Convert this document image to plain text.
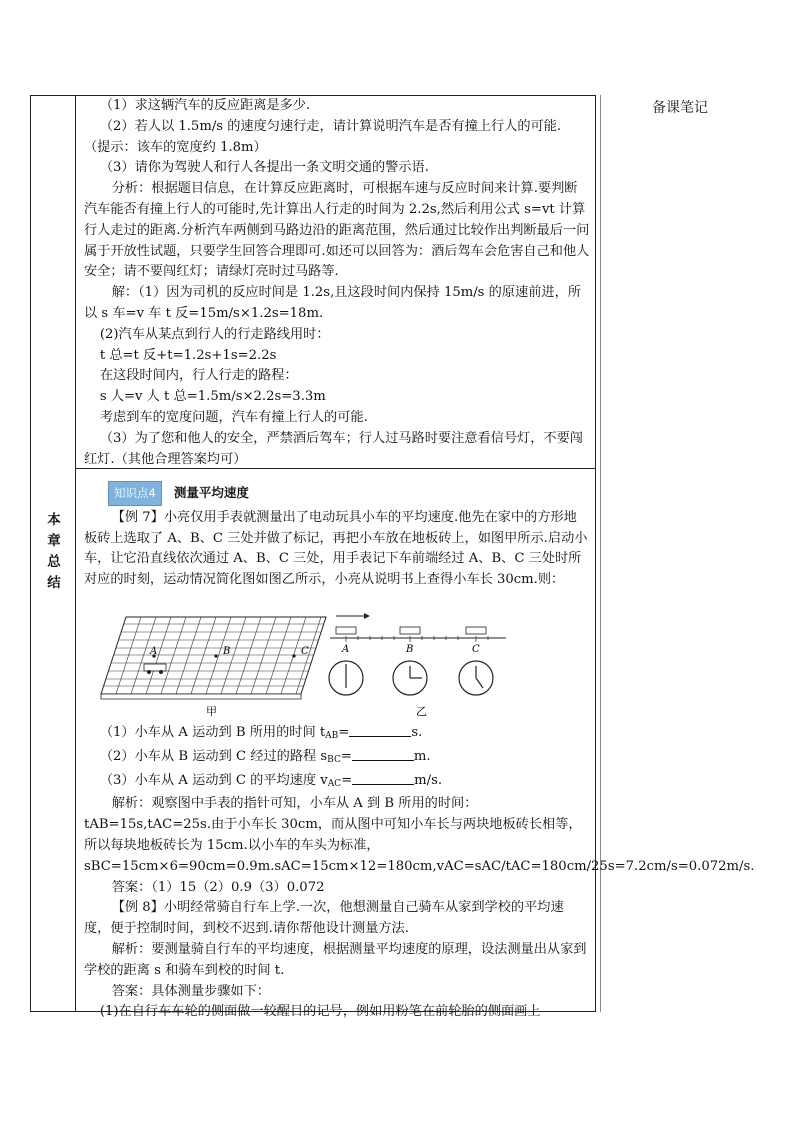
备课笔记
本
章
总
结

（1）求这辆汽车的反应距离是多少.

（2）若人以 1.5m/s 的速度匀速行走，请计算说明汽车是否有撞上行人的可能.

（提示：该车的宽度约 1.8m）

（3）请你为驾驶人和行人各提出一条文明交通的警示语.

分析：根据题目信息，在计算反应距离时，可根据车速与反应时间来计算.要判断汽车能否有撞上行人的可能时,先计算出人行走的时间为 2.2s,然后利用公式 s=vt 计算行人走过的距离.分析汽车两侧到马路边沿的距离范围，然后通过比较作出判断最后一问属于开放性试题，只要学生回答合理即可.如还可以回答为：酒后驾车会危害自己和他人安全；请不要闯红灯；请绿灯亮时过马路等.

解：（1）因为司机的反应时间是 1.2s,且这段时间内保持 15m/s 的原速前进，所以 s 车=v 车 t 反=15m/s×1.2s=18m.

(2)汽车从某点到行人的行走路线用时：

t 总=t 反+t=1.2s+1s=2.2s

在这段时间内，行人行走的路程：

s 人=v 人 t 总=1.5m/s×2.2s=3.3m

考虑到车的宽度问题，汽车有撞上行人的可能.

（3）为了您和他人的安全，严禁酒后驾车；行人过马路时要注意看信号灯，不要闯红灯.（其他合理答案均可）

知识点4 测量平均速度

【例 7】小亮仅用手表就测量出了电动玩具小车的平均速度.他先在家中的方形地板砖上选取了 A、B、C 三处并做了标记，再把小车放在地板砖上，如图甲所示.启动小车，让它沿直线依次通过 A、B、C 三处，用手表记下车前端经过 A、B、C 三处时所对应的时刻，运动情况简化图如图乙所示，小亮从说明书上查得小车长 30cm.则：

A	B	C	A	B	C
甲	乙

（1）小车从 A 运动到 B 所用的时间 $t_{AB}=$	s.

（2）小车从 B 运动到 C 经过的路程 $s_{BC}=$	m.

（3）小车从 A 运动到 C 的平均速度 $v_{AC}=$	m/s.

解析：观察图中手表的指针可知，小车从 A 到 B 所用的时间：tAB=15s,tAC=25s.由于小车长 30cm，而从图中可知小车长与两块地板砖长相等，所以每块地板砖长为 15cm.以小车的车头为标准，sBC=15cm×6=90cm=0.9m.sAC=15cm×12=180cm,vAC=sAC/tAC=180cm/25s=7.2cm/s=0.072m/s.

答案：（1）15（2）0.9（3）0.072

【例 8】小明经常骑自行车上学.一次，他想测量自己骑车从家到学校的平均速度，便于控制时间，到校不迟到.请你帮他设计测量方法.

解析：要测量骑自行车的平均速度，根据测量平均速度的原理，设法测量出从家到学校的距离 s 和骑车到校的时间 t.

答案：具体测量步骤如下：

(1)在自行车车轮的侧面做一较醒目的记号，例如用粉笔在前轮胎的侧面画上
